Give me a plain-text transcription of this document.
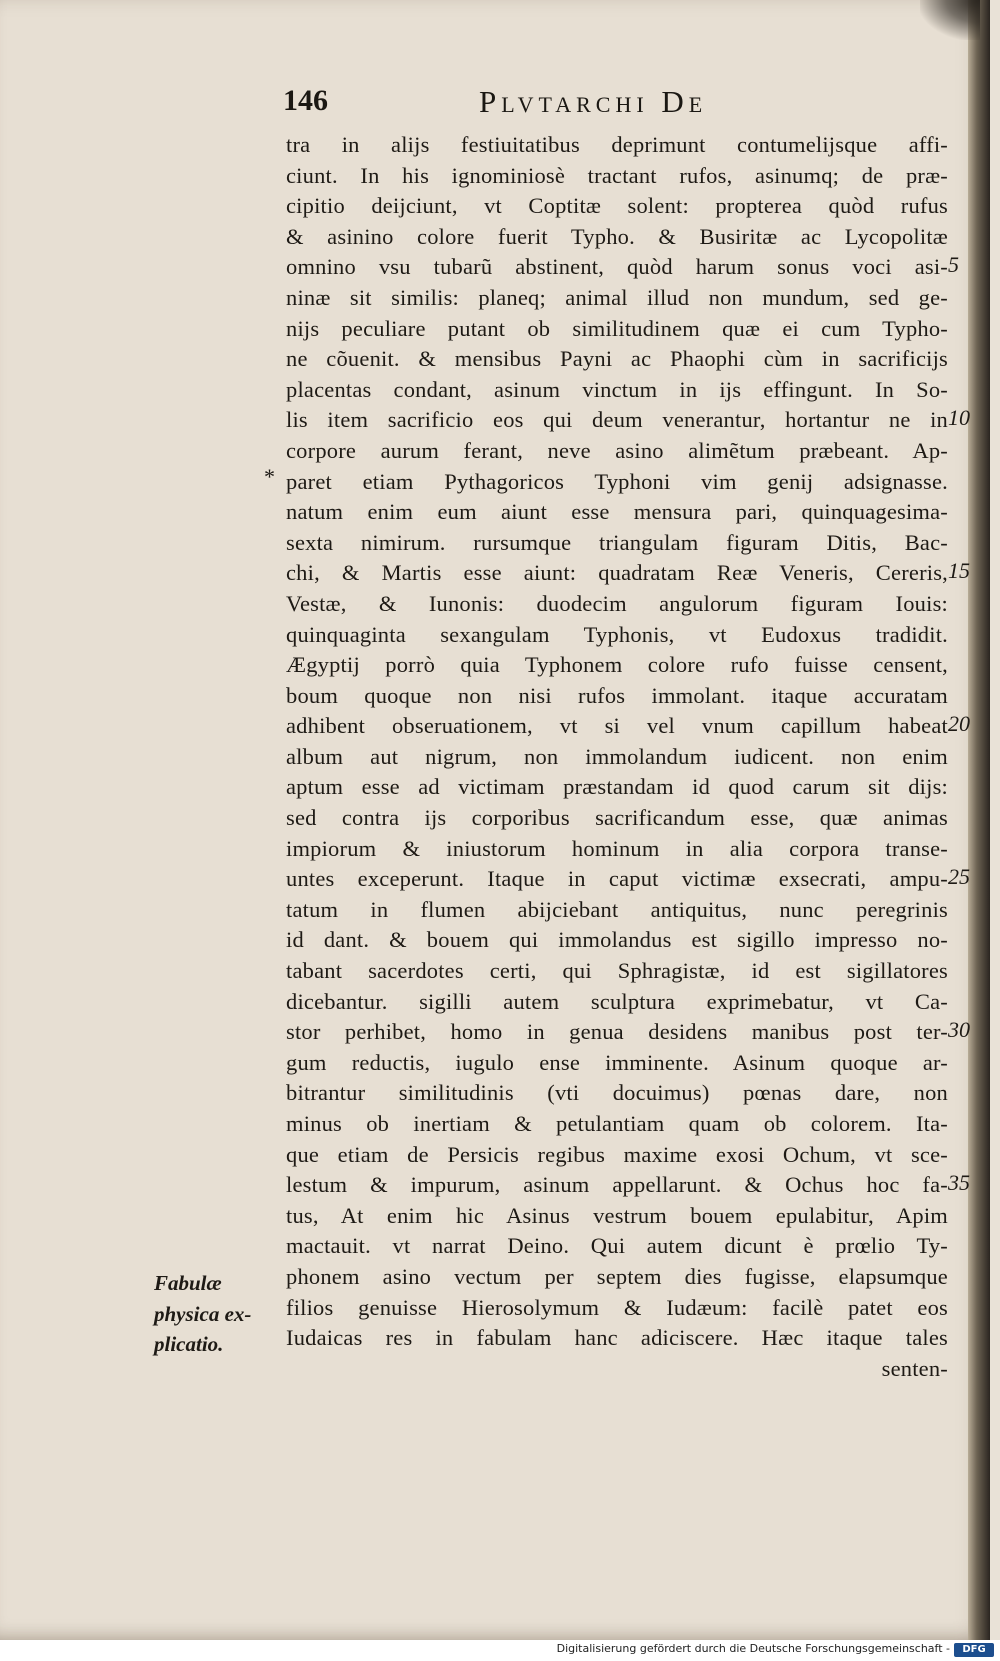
146	Plvtarchi De
*
tra in alijs festiuitatibus deprimunt contumelijsque affi-
ciunt. In his ignominiosè tractant rufos, asinumq; de præ-
cipitio deijciunt, vt Coptitæ solent: propterea quòd rufus
& asinino colore fuerit Typho. & Busiritæ ac Lycopolitæ
omnino vsu tubarũ abstinent, quòd harum sonus voci asi-
ninæ sit similis: planeq; animal illud non mundum, sed ge-
nijs peculiare putant ob similitudinem quæ ei cum Typho-
ne cõuenit. & mensibus Payni ac Phaophi cùm in sacrificijs
placentas condant, asinum vinctum in ijs effingunt. In So-
lis item sacrificio eos qui deum venerantur, hortantur ne in
corpore aurum ferant, neve asino alimẽtum præbeant. Ap-
paret etiam Pythagoricos Typhoni vim genij adsignasse.
natum enim eum aiunt esse mensura pari, quinquagesima-
sexta nimirum. rursumque triangulam figuram Ditis, Bac-
chi, & Martis esse aiunt: quadratam Reæ Veneris, Cereris,
Vestæ, & Iunonis: duodecim angulorum figuram Iouis:
quinquaginta sexangulam Typhonis, vt Eudoxus tradidit.
Ægyptij porrò quia Typhonem colore rufo fuisse censent,
boum quoque non nisi rufos immolant. itaque accuratam
adhibent obseruationem, vt si vel vnum capillum habeat
album aut nigrum, non immolandum iudicent. non enim
aptum esse ad victimam præstandam id quod carum sit dijs:
sed contra ijs corporibus sacrificandum esse, quæ animas
impiorum & iniustorum hominum in alia corpora transe-
untes exceperunt. Itaque in caput victimæ exsecrati, ampu-
tatum in flumen abijciebant antiquitus, nunc peregrinis
id dant. & bouem qui immolandus est sigillo impresso no-
tabant sacerdotes certi, qui Sphragistæ, id est sigillatores
dicebantur. sigilli autem sculptura exprimebatur, vt Ca-
stor perhibet, homo in genua desidens manibus post ter-
gum reductis, iugulo ense imminente. Asinum quoque ar-
bitrantur similitudinis (vti docuimus) pœnas dare, non
minus ob inertiam & petulantiam quam ob colorem. Ita-
que etiam de Persicis regibus maxime exosi Ochum, vt sce-
lestum & impurum, asinum appellarunt. & Ochus hoc fa-
tus, At enim hic Asinus vestrum bouem epulabitur, Apim
mactauit. vt narrat Deino. Qui autem dicunt è prœlio Ty-
phonem asino vectum per septem dies fugisse, elapsumque
filios genuisse Hierosolymum & Iudæum: facilè patet eos
Iudaicas res in fabulam hanc adiciscere. Hæc itaque tales
senten-
5
10
15
20
25
30
35
Fabulæ
physica ex-
plicatio.
Digitalisierung gefördert durch die Deutsche Forschungsgemeinschaft -	DFG
